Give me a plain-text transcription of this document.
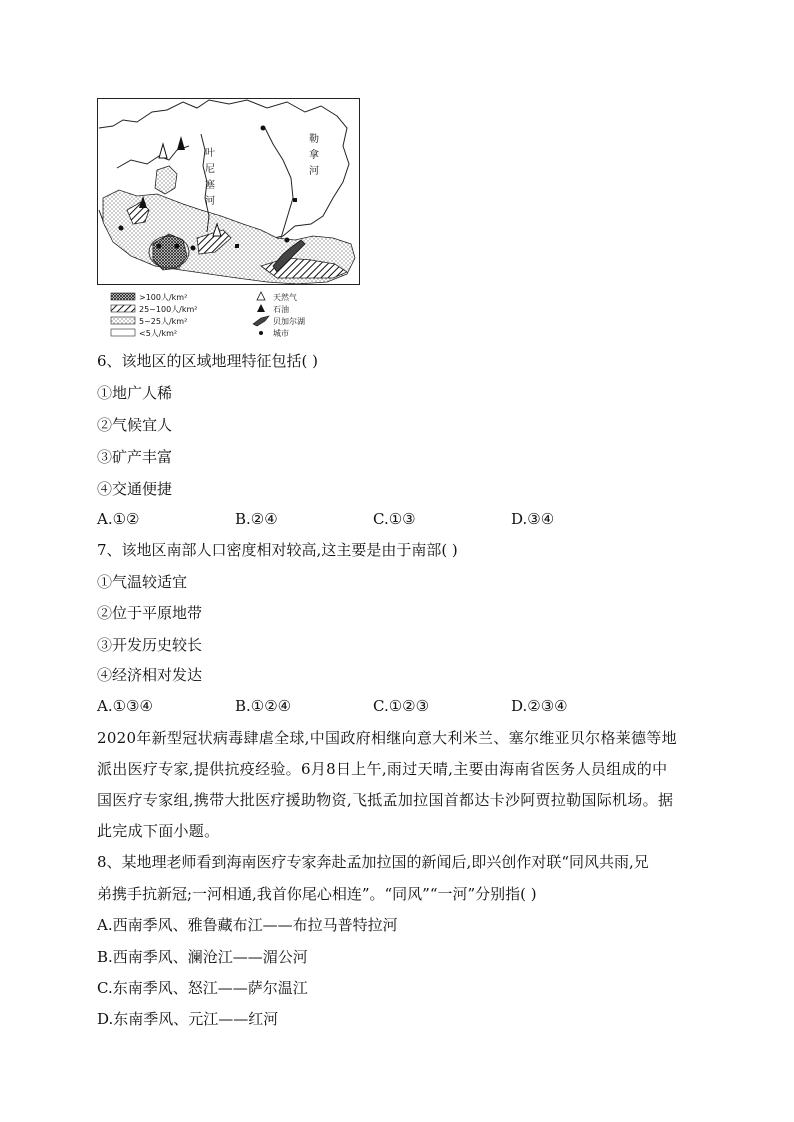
叶 尼 塞 河
勒 拿 河
>100人/km²
25~100人/km²
5~25人/km²
<5人/km²
天然气
石油
贝加尔湖
城市
6、该地区的区域地理特征包括( )
①地广人稀
②气候宜人
③矿产丰富
④交通便捷
A.①②	B.②④	C.①③	D.③④
7、该地区南部人口密度相对较高,这主要是由于南部( )
①气温较适宜
②位于平原地带
③开发历史较长
④经济相对发达
A.①③④	B.①②④	C.①②③	D.②③④
2020年新型冠状病毒肆虐全球,中国政府相继向意大利米兰、塞尔维亚贝尔格莱德等地
派出医疗专家,提供抗疫经验。6月8日上午,雨过天晴,主要由海南省医务人员组成的中
国医疗专家组,携带大批医疗援助物资,飞抵孟加拉国首都达卡沙阿贾拉勒国际机场。据
此完成下面小题。
8、某地理老师看到海南医疗专家奔赴孟加拉国的新闻后,即兴创作对联“同风共雨,兄
弟携手抗新冠;一河相通,我首你尾心相连”。“同风”“一河”分别指( )
A.西南季风、雅鲁藏布江——布拉马普特拉河
B.西南季风、澜沧江——湄公河
C.东南季风、怒江——萨尔温江
D.东南季风、元江——红河
